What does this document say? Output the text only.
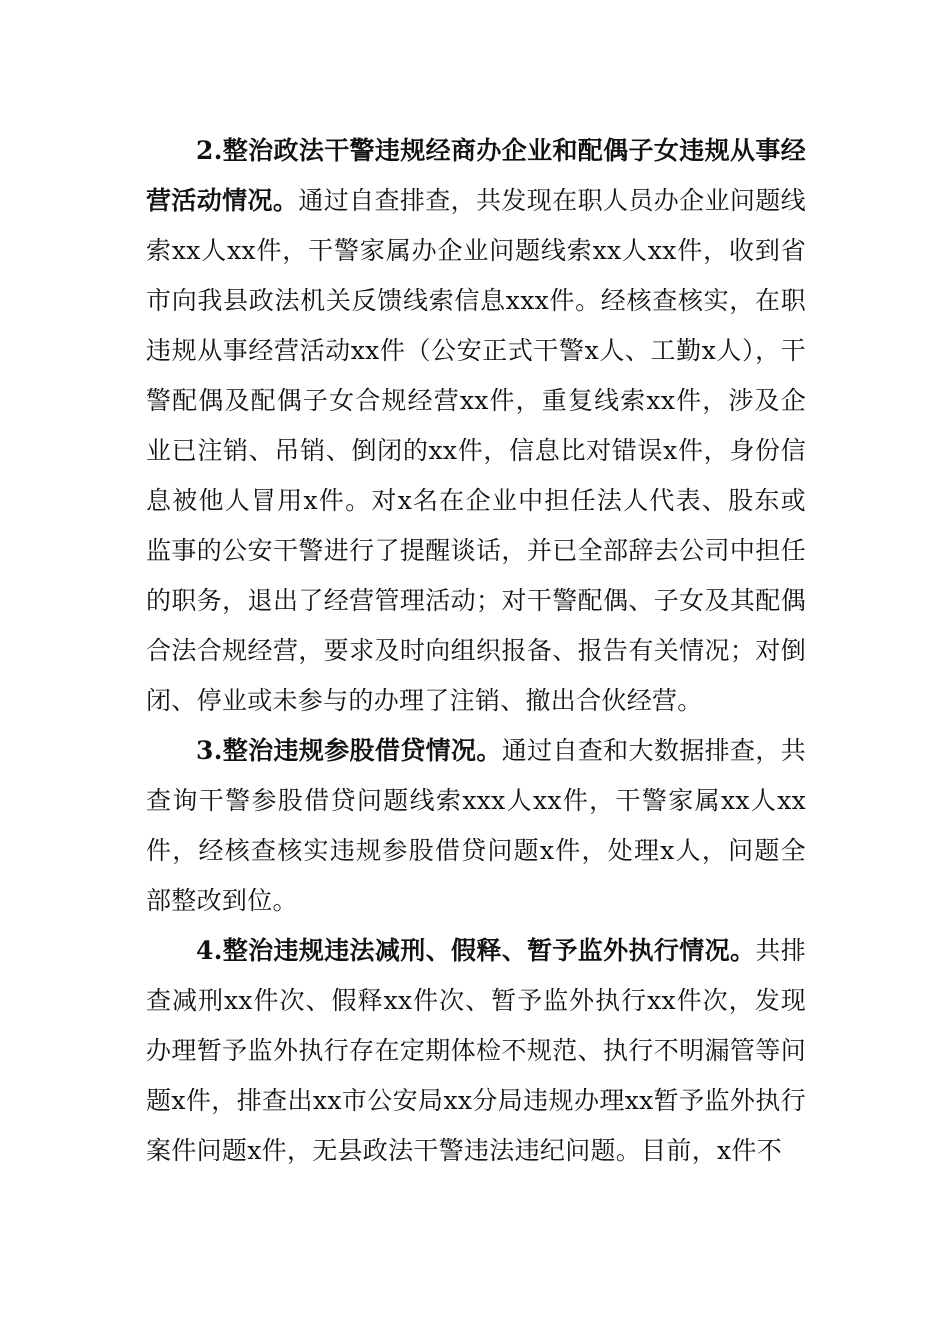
2.整治政法干警违规经商办企业和配偶子女违规从事经营活动情况。通过自查排查，共发现在职人员办企业问题线索xx人xx件，干警家属办企业问题线索xx人xx件，收到省市向我县政法机关反馈线索信息xxx件。经核查核实，在职违规从事经营活动xx件（公安正式干警x人、工勤x人），干警配偶及配偶子女合规经营xx件，重复线索xx件，涉及企业已注销、吊销、倒闭的xx件，信息比对错误x件，身份信息被他人冒用x件。对x名在企业中担任法人代表、股东或监事的公安干警进行了提醒谈话，并已全部辞去公司中担任的职务，退出了经营管理活动；对干警配偶、子女及其配偶合法合规经营，要求及时向组织报备、报告有关情况；对倒闭、停业或未参与的办理了注销、撤出合伙经营。

3.整治违规参股借贷情况。通过自查和大数据排查，共查询干警参股借贷问题线索xxx人xx件，干警家属xx人xx件，经核查核实违规参股借贷问题x件，处理x人，问题全部整改到位。

4.整治违规违法减刑、假释、暂予监外执行情况。共排查减刑xx件次、假释xx件次、暂予监外执行xx件次，发现办理暂予监外执行存在定期体检不规范、执行不明漏管等问题x件，排查出xx市公安局xx分局违规办理xx暂予监外执行案件问题x件，无县政法干警违法违纪问题。目前，x件不
